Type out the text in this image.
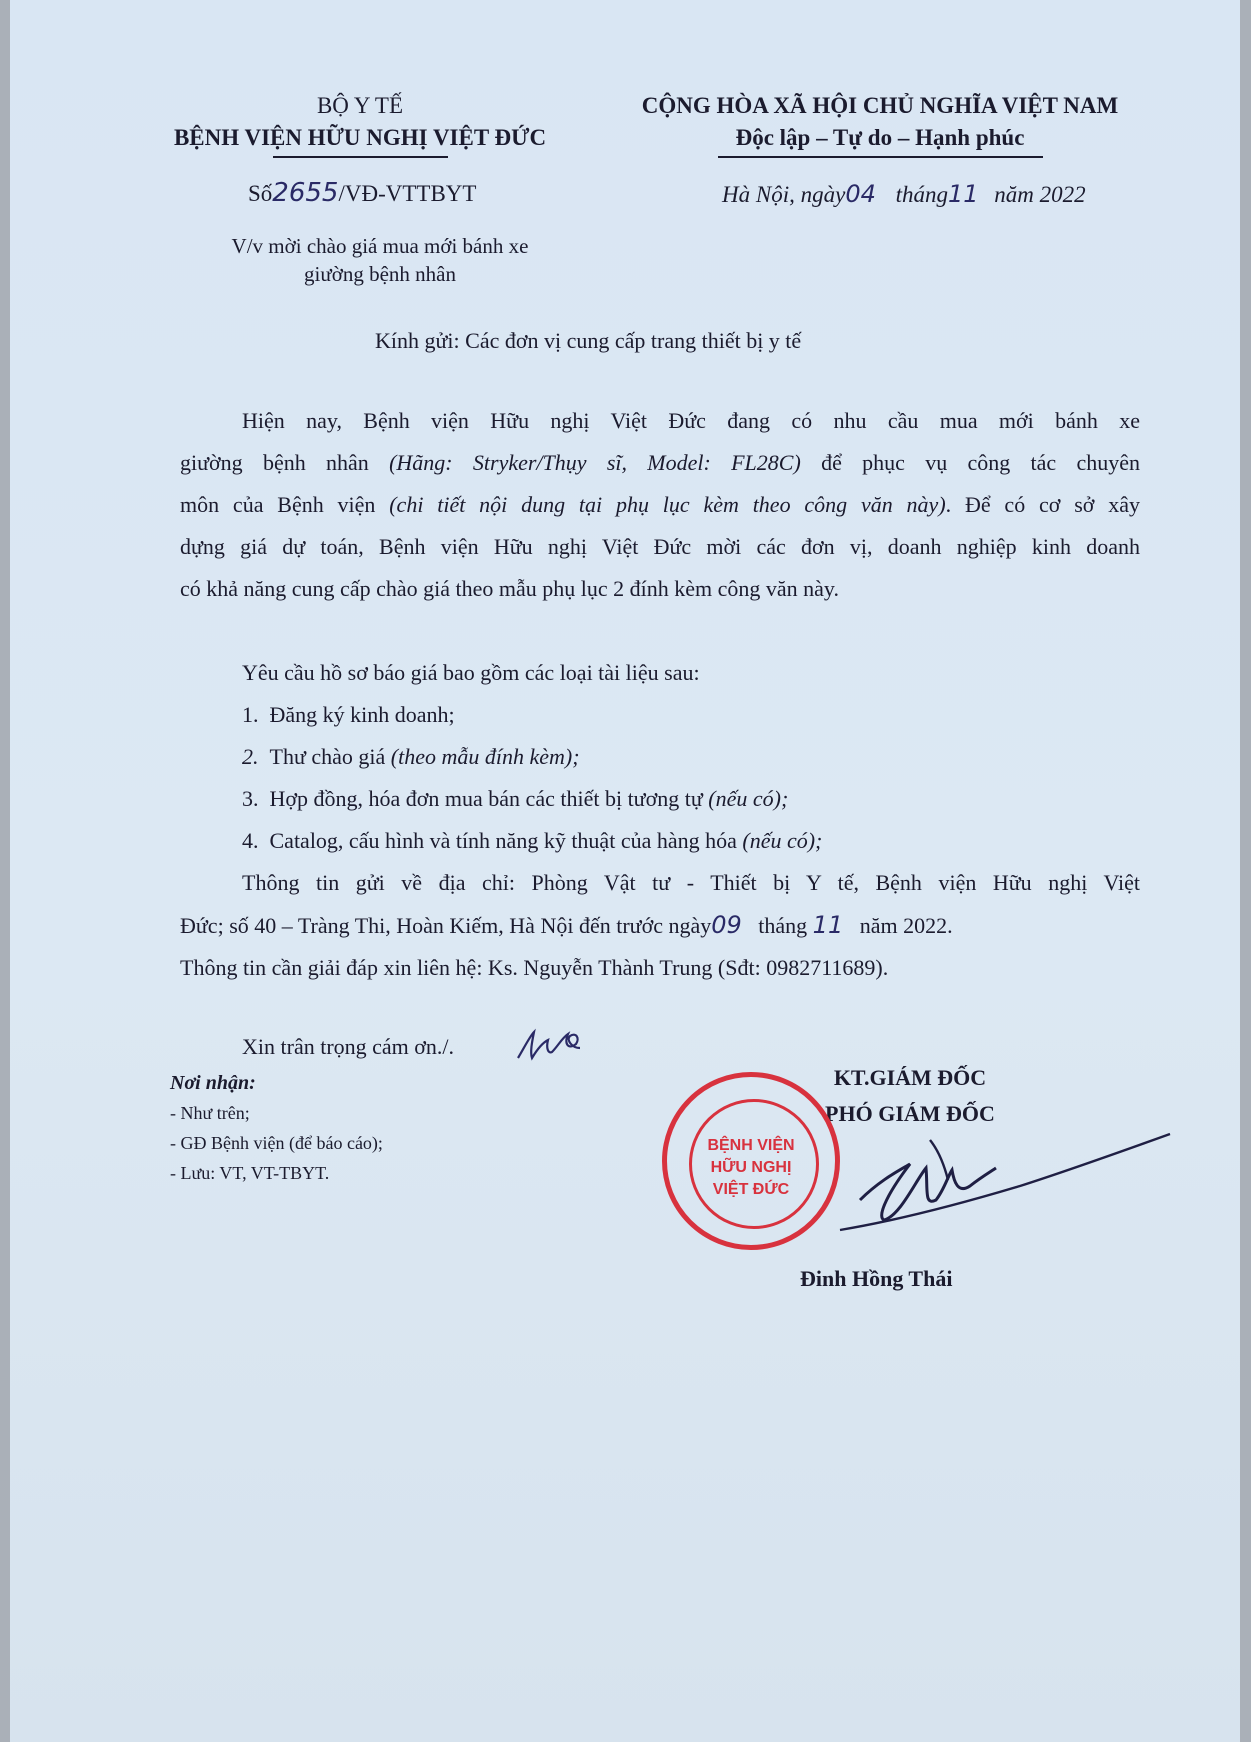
BỘ Y TẾ
BỆNH VIỆN HỮU NGHỊ VIỆT ĐỨC
CỘNG HÒA XÃ HỘI CHỦ NGHĨA VIỆT NAM
Độc lập – Tự do – Hạnh phúc
Số2655/VĐ-VTTBYT	Hà Nội, ngày04 tháng11 năm 2022
V/v mời chào giá mua mới bánh xe
giường bệnh nhân
Kính gửi: Các đơn vị cung cấp trang thiết bị y tế
Hiện nay, Bệnh viện Hữu nghị Việt Đức đang có nhu cầu mua mới bánh xe
giường bệnh nhân (Hãng: Stryker/Thụy sĩ, Model: FL28C) để phục vụ công tác chuyên
môn của Bệnh viện (chi tiết nội dung tại phụ lục kèm theo công văn này). Để có cơ sở xây
dựng giá dự toán, Bệnh viện Hữu nghị Việt Đức mời các đơn vị, doanh nghiệp kinh doanh
có khả năng cung cấp chào giá theo mẫu phụ lục 2 đính kèm công văn này.
Yêu cầu hồ sơ báo giá bao gồm các loại tài liệu sau:
1. Đăng ký kinh doanh;
2. Thư chào giá (theo mẫu đính kèm);
3. Hợp đồng, hóa đơn mua bán các thiết bị tương tự (nếu có);
4. Catalog, cấu hình và tính năng kỹ thuật của hàng hóa (nếu có);
Thông tin gửi về địa chỉ: Phòng Vật tư - Thiết bị Y tế, Bệnh viện Hữu nghị Việt
Đức; số 40 – Tràng Thi, Hoàn Kiếm, Hà Nội đến trước ngày09 tháng 11 năm 2022.
Thông tin cần giải đáp xin liên hệ: Ks. Nguyễn Thành Trung (Sđt: 0982711689).
Xin trân trọng cám ơn./.
Nơi nhận:
- Như trên;
- GĐ Bệnh viện (để báo cáo);
- Lưu: VT, VT-TBYT.
KT.GIÁM ĐỐC
PHÓ GIÁM ĐỐC
BỆNH VIỆN
HỮU NGHỊ
VIỆT ĐỨC
Đinh Hồng Thái
